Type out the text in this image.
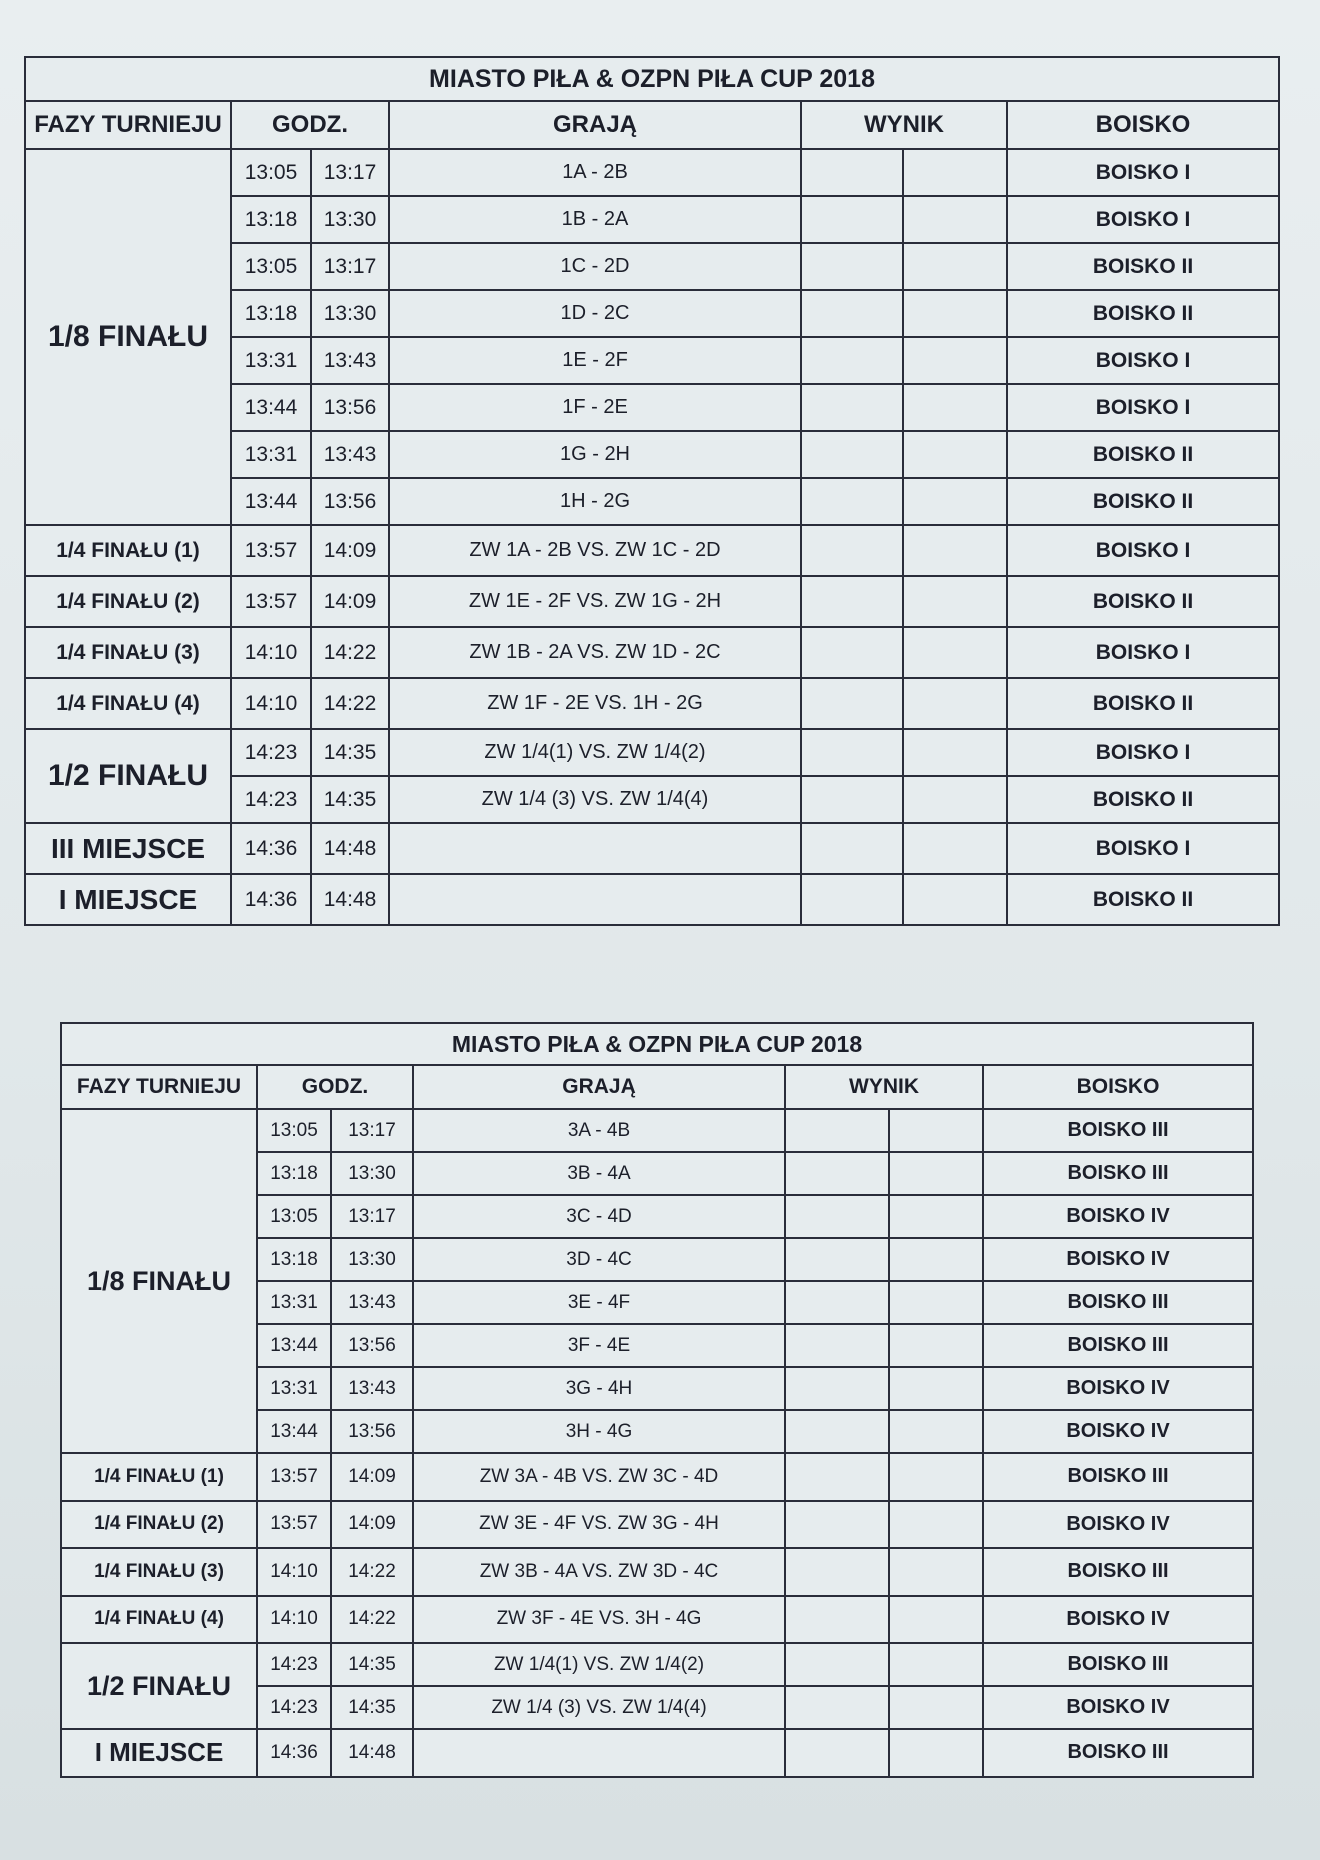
MIASTO PIŁA & OZPN PIŁA CUP 2018						
FAZY TURNIEJU	GODZ.		GRAJĄ	WYNIK		BOISKO
1/8 FINAŁU	13:05	13:17	1A - 2B			BOISKO I
	13:18	13:30	1B - 2A			BOISKO I
	13:05	13:17	1C - 2D			BOISKO II
	13:18	13:30	1D - 2C			BOISKO II
	13:31	13:43	1E - 2F			BOISKO I
	13:44	13:56	1F - 2E			BOISKO I
	13:31	13:43	1G - 2H			BOISKO II
	13:44	13:56	1H - 2G			BOISKO II
1/4 FINAŁU (1)	13:57	14:09	ZW 1A - 2B VS. ZW 1C - 2D			BOISKO I
1/4 FINAŁU (2)	13:57	14:09	ZW 1E - 2F VS. ZW 1G - 2H			BOISKO II
1/4 FINAŁU (3)	14:10	14:22	ZW 1B - 2A VS. ZW 1D - 2C			BOISKO I
1/4 FINAŁU (4)	14:10	14:22	ZW 1F - 2E VS. 1H - 2G			BOISKO II
1/2 FINAŁU	14:23	14:35	ZW 1/4(1) VS. ZW 1/4(2)			BOISKO I
	14:23	14:35	ZW 1/4 (3) VS. ZW 1/4(4)			BOISKO II
III MIEJSCE	14:36	14:48				BOISKO I
I MIEJSCE	14:36	14:48				BOISKO II
MIASTO PIŁA & OZPN PIŁA CUP 2018						
FAZY TURNIEJU	GODZ.		GRAJĄ	WYNIK		BOISKO
1/8 FINAŁU	13:05	13:17	3A - 4B			BOISKO III
	13:18	13:30	3B - 4A			BOISKO III
	13:05	13:17	3C - 4D			BOISKO IV
	13:18	13:30	3D - 4C			BOISKO IV
	13:31	13:43	3E - 4F			BOISKO III
	13:44	13:56	3F - 4E			BOISKO III
	13:31	13:43	3G - 4H			BOISKO IV
	13:44	13:56	3H - 4G			BOISKO IV
1/4 FINAŁU (1)	13:57	14:09	ZW 3A - 4B VS. ZW 3C - 4D			BOISKO III
1/4 FINAŁU (2)	13:57	14:09	ZW 3E - 4F VS. ZW 3G - 4H			BOISKO IV
1/4 FINAŁU (3)	14:10	14:22	ZW 3B - 4A VS. ZW 3D - 4C			BOISKO III
1/4 FINAŁU (4)	14:10	14:22	ZW 3F - 4E VS. 3H - 4G			BOISKO IV
1/2 FINAŁU	14:23	14:35	ZW 1/4(1) VS. ZW 1/4(2)			BOISKO III
	14:23	14:35	ZW 1/4 (3) VS. ZW 1/4(4)			BOISKO IV
I MIEJSCE	14:36	14:48				BOISKO III
